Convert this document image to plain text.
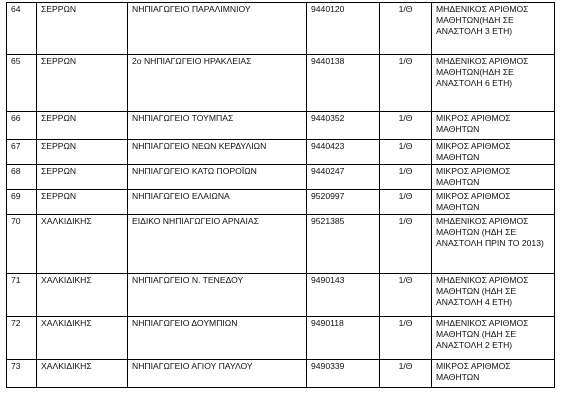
64	ΣΕΡΡΩΝ	ΝΗΠΙΑΓΩΓΕΙΟ ΠΑΡΑΛΙΜΝΙΟΥ	9440120	1/Θ	ΜΗΔΕΝΙΚΟΣ ΑΡΙΘΜΟΣ ΜΑΘΗΤΩΝ(ΗΔΗ ΣΕ ΑΝΑΣΤΟΛΗ 3 ΕΤΗ)
65	ΣΕΡΡΩΝ	2ο ΝΗΠΙΑΓΩΓΕΙΟ ΗΡΑΚΛΕΙΑΣ	9440138	1/Θ	ΜΗΔΕΝΙΚΟΣ ΑΡΙΘΜΟΣ ΜΑΘΗΤΩΝ(ΗΔΗ ΣΕ ΑΝΑΣΤΟΛΗ 6 ΕΤΗ)
66	ΣΕΡΡΩΝ	ΝΗΠΙΑΓΩΓΕΙΟ ΤΟΥΜΠΑΣ	9440352	1/Θ	ΜΙΚΡΟΣ ΑΡΙΘΜΟΣ ΜΑΘΗΤΩΝ
67	ΣΕΡΡΩΝ	ΝΗΠΙΑΓΩΓΕΙΟ ΝΕΩΝ ΚΕΡΔΥΛΙΩΝ	9440423	1/Θ	ΜΙΚΡΟΣ ΑΡΙΘΜΟΣ ΜΑΘΗΤΩΝ
68	ΣΕΡΡΩΝ	ΝΗΠΙΑΓΩΓΕΙΟ ΚΑΤΩ ΠΟΡΟΪΩΝ	9440247	1/Θ	ΜΙΚΡΟΣ ΑΡΙΘΜΟΣ ΜΑΘΗΤΩΝ
69	ΣΕΡΡΩΝ	ΝΗΠΙΑΓΩΓΕΙΟ ΕΛΑΙΩΝΑ	9520997	1/Θ	ΜΙΚΡΟΣ ΑΡΙΘΜΟΣ ΜΑΘΗΤΩΝ
70	ΧΑΛΚΙΔΙΚΗΣ	ΕΙΔΙΚΟ ΝΗΠΙΑΓΩΓΕΙΟ ΑΡΝΑΙΑΣ	9521385	1/Θ	ΜΗΔΕΝΙΚΟΣ ΑΡΙΘΜΟΣ ΜΑΘΗΤΩΝ (ΗΔΗ ΣΕ ΑΝΑΣΤΟΛΗ ΠΡΙΝ ΤΟ 2013)
71	ΧΑΛΚΙΔΙΚΗΣ	ΝΗΠΙΑΓΩΓΕΙΟ Ν. ΤΕΝΕΔΟΥ	9490143	1/Θ	ΜΗΔΕΝΙΚΟΣ ΑΡΙΘΜΟΣ ΜΑΘΗΤΩΝ (ΗΔΗ ΣΕ ΑΝΑΣΤΟΛΗ 4 ΕΤΗ)
72	ΧΑΛΚΙΔΙΚΗΣ	ΝΗΠΙΑΓΩΓΕΙΟ ΔΟΥΜΠΙΩΝ	9490118	1/Θ	ΜΗΔΕΝΙΚΟΣ ΑΡΙΘΜΟΣ ΜΑΘΗΤΩΝ (ΗΔΗ ΣΕ ΑΝΑΣΤΟΛΗ 2 ΕΤΗ)
73	ΧΑΛΚΙΔΙΚΗΣ	ΝΗΠΙΑΓΩΓΕΙΟ ΑΓΙΟΥ ΠΑΥΛΟΥ	9490339	1/Θ	ΜΙΚΡΟΣ ΑΡΙΘΜΟΣ ΜΑΘΗΤΩΝ
